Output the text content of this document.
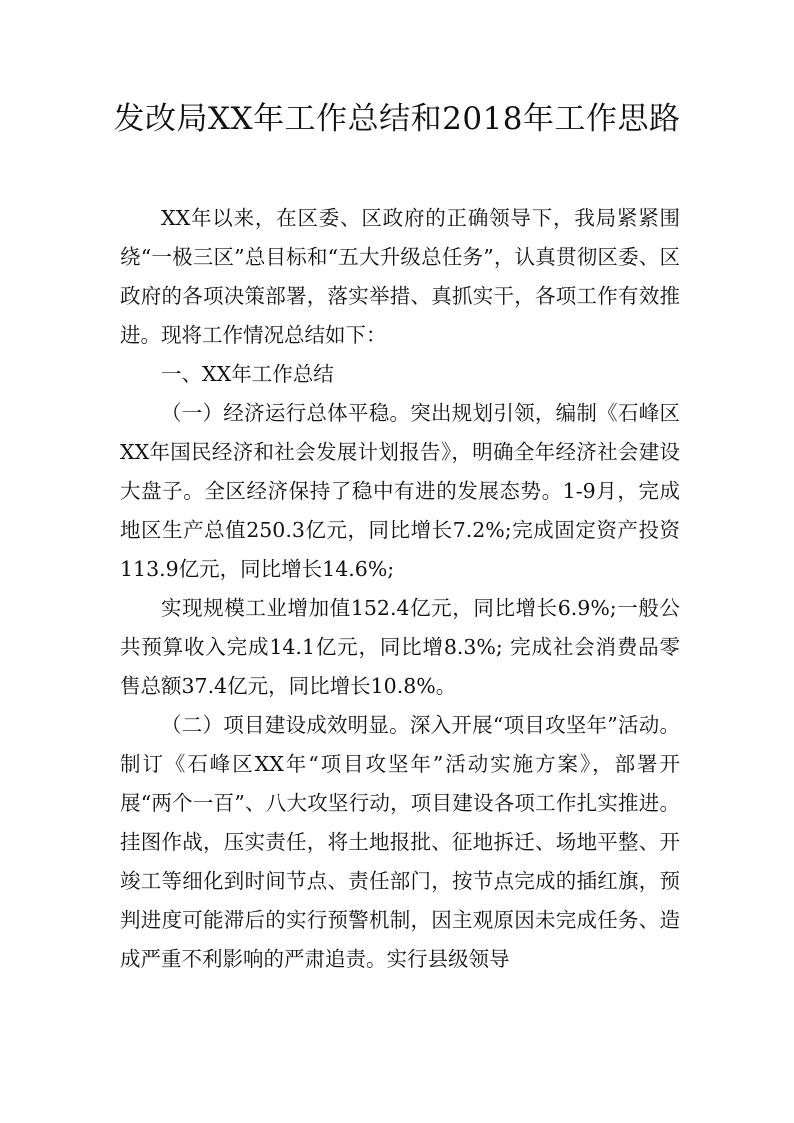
发改局XX年工作总结和2018年工作思路

XX年以来，在区委、区政府的正确领导下，我局紧紧围绕“一极三区”总目标和“五大升级总任务”，认真贯彻区委、区政府的各项决策部署，落实举措、真抓实干，各项工作有效推进。现将工作情况总结如下：

一、XX年工作总结

（一）经济运行总体平稳。突出规划引领，编制《石峰区XX年国民经济和社会发展计划报告》，明确全年经济社会建设大盘子。全区经济保持了稳中有进的发展态势。1-9月，完成地区生产总值250.3亿元，同比增长7.2%;完成固定资产投资113.9亿元，同比增长14.6%;

实现规模工业增加值152.4亿元，同比增长6.9%;一般公共预算收入完成14.1亿元，同比增8.3%; 完成社会消费品零售总额37.4亿元，同比增长10.8%。

（二）项目建设成效明显。深入开展“项目攻坚年”活动。制订《石峰区XX年“项目攻坚年”活动实施方案》，部署开展“两个一百”、八大攻坚行动，项目建设各项工作扎实推进。挂图作战，压实责任，将土地报批、征地拆迁、场地平整、开竣工等细化到时间节点、责任部门，按节点完成的插红旗，预判进度可能滞后的实行预警机制，因主观原因未完成任务、造成严重不利影响的严肃追责。实行县级领导
